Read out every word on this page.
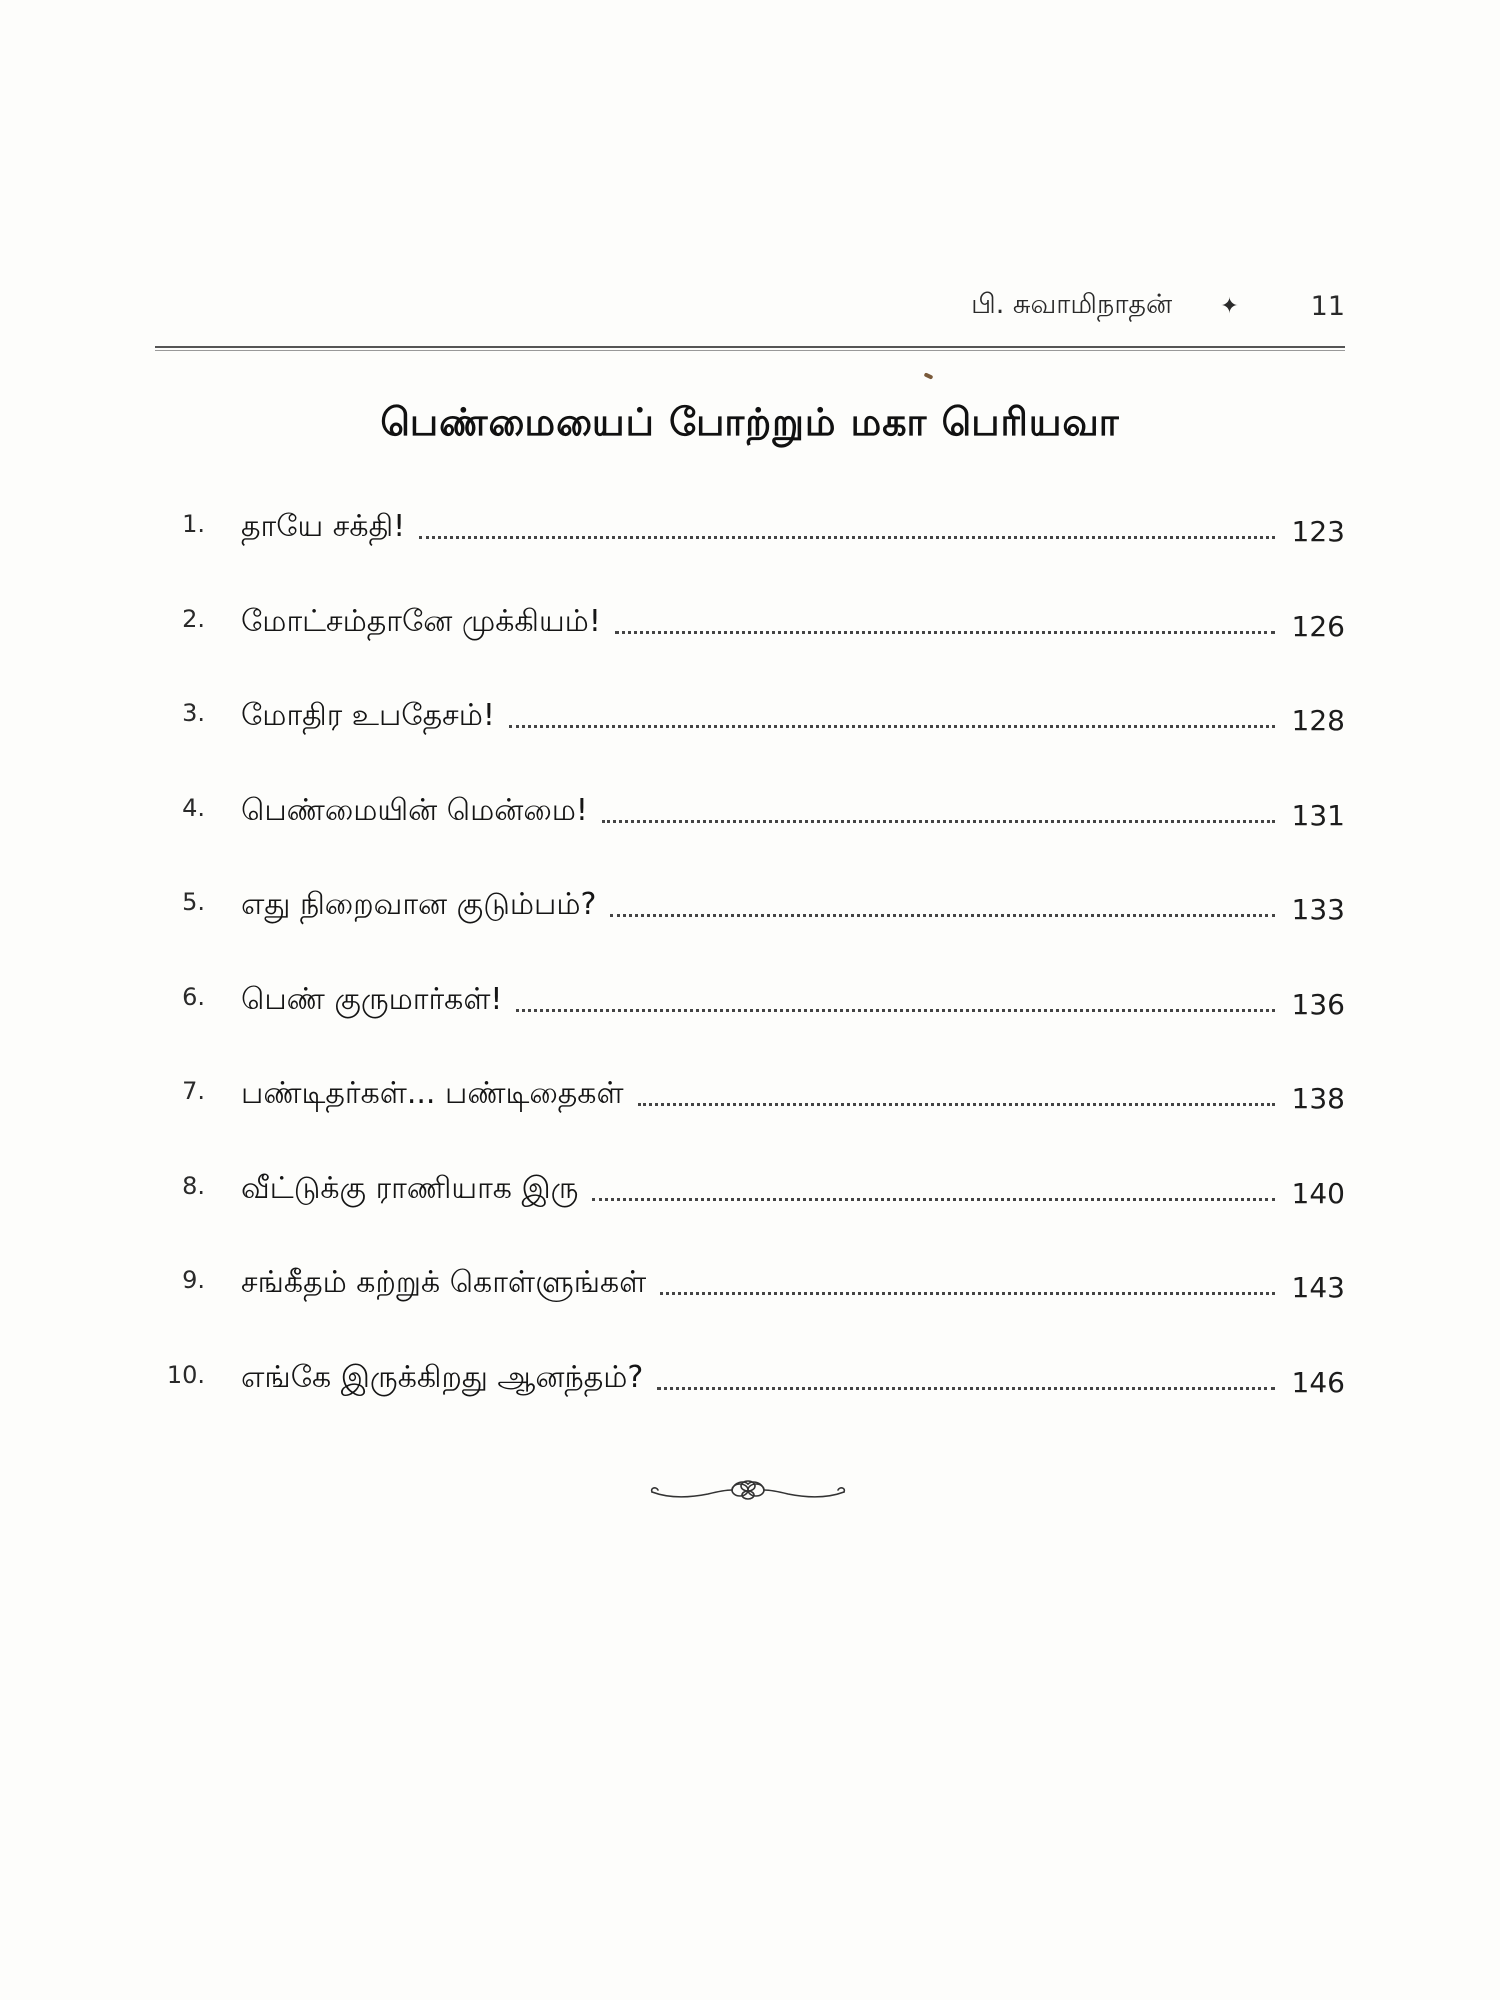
பி. சுவாமிநாதன் ✦	11
பெண்மையைப் போற்றும் மகா பெரியவா
1. தாயே சக்தி!	123
2. மோட்சம்தானே முக்கியம்!	126
3. மோதிர உபதேசம்!	128
4. பெண்மையின் மென்மை!	131
5. எது நிறைவான குடும்பம்?	133
6. பெண் குருமார்கள்!	136
7. பண்டிதர்கள்... பண்டிதைகள்	138
8. வீட்டுக்கு ராணியாக இரு	140
9. சங்கீதம் கற்றுக் கொள்ளுங்கள்	143
10. எங்கே இருக்கிறது ஆனந்தம்?	146
